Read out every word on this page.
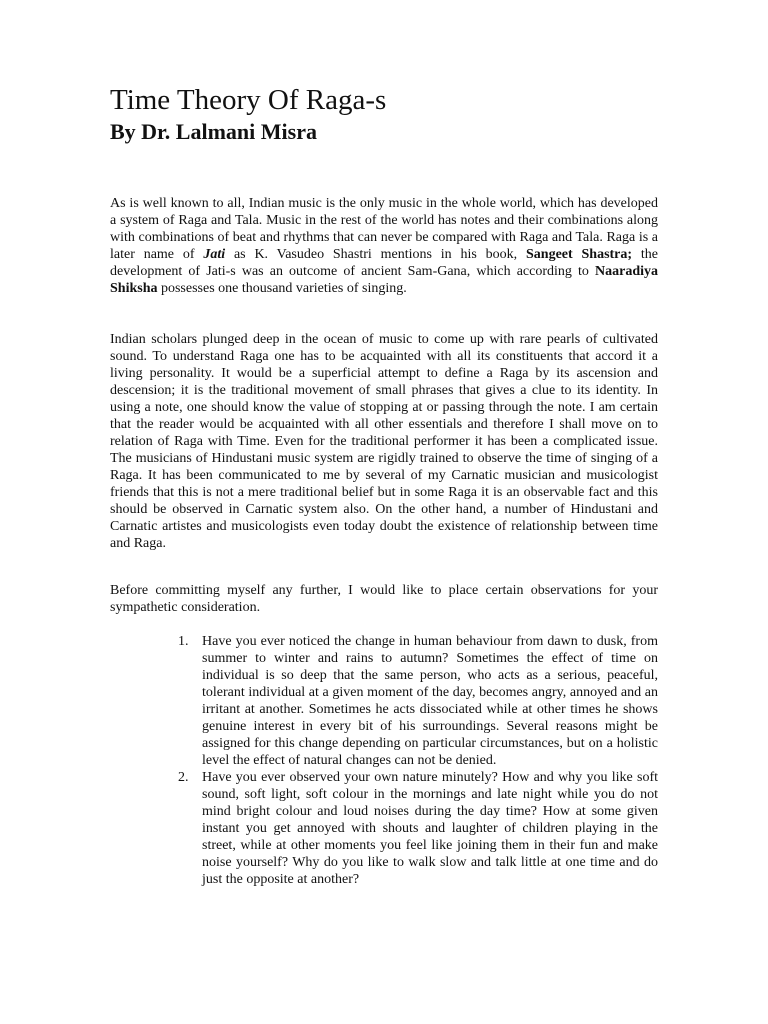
Time Theory Of Raga-s
By Dr. Lalmani Misra

As is well known to all, Indian music is the only music in the whole world, which has developed a system of Raga and Tala. Music in the rest of the world has notes and their combinations along with combinations of beat and rhythms that can never be compared with Raga and Tala. Raga is a later name of Jati as K. Vasudeo Shastri mentions in his book, Sangeet Shastra; the development of Jati-s was an outcome of ancient Sam-Gana, which according to Naaradiya Shiksha possesses one thousand varieties of singing.

Indian scholars plunged deep in the ocean of music to come up with rare pearls of cultivated sound. To understand Raga one has to be acquainted with all its constituents that accord it a living personality. It would be a superficial attempt to define a Raga by its ascension and descension; it is the traditional movement of small phrases that gives a clue to its identity. In using a note, one should know the value of stopping at or passing through the note. I am certain that the reader would be acquainted with all other essentials and therefore I shall move on to relation of Raga with Time. Even for the traditional performer it has been a complicated issue. The musicians of Hindustani music system are rigidly trained to observe the time of singing of a Raga. It has been communicated to me by several of my Carnatic musician and musicologist friends that this is not a mere traditional belief but in some Raga it is an observable fact and this should be observed in Carnatic system also. On the other hand, a number of Hindustani and Carnatic artistes and musicologists even today doubt the existence of relationship between time and Raga.

Before committing myself any further, I would like to place certain observations for your sympathetic consideration.

1. Have you ever noticed the change in human behaviour from dawn to dusk, from summer to winter and rains to autumn? Sometimes the effect of time on individual is so deep that the same person, who acts as a serious, peaceful, tolerant individual at a given moment of the day, becomes angry, annoyed and an irritant at another. Sometimes he acts dissociated while at other times he shows genuine interest in every bit of his surroundings. Several reasons might be assigned for this change depending on particular circumstances, but on a holistic level the effect of natural changes can not be denied.
2. Have you ever observed your own nature minutely? How and why you like soft sound, soft light, soft colour in the mornings and late night while you do not mind bright colour and loud noises during the day time? How at some given instant you get annoyed with shouts and laughter of children playing in the street, while at other moments you feel like joining them in their fun and make noise yourself? Why do you like to walk slow and talk little at one time and do just the opposite at another?
